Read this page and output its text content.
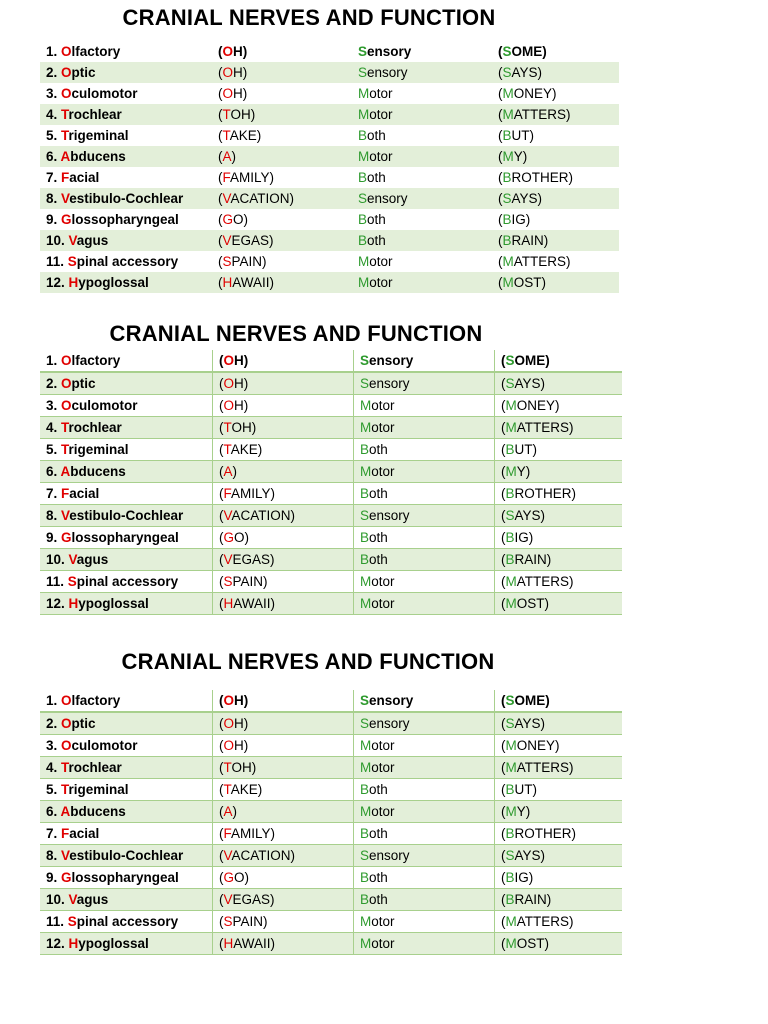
CRANIAL NERVES AND FUNCTION
1. Olfactory	(OH)	Sensory	(SOME)
2. Optic	(OH)	Sensory	(SAYS)
3. Oculomotor	(OH)	Motor	(MONEY)
4. Trochlear	(TOH)	Motor	(MATTERS)
5. Trigeminal	(TAKE)	Both	(BUT)
6. Abducens	(A)	Motor	(MY)
7. Facial	(FAMILY)	Both	(BROTHER)
8. Vestibulo-Cochlear	(VACATION)	Sensory	(SAYS)
9. Glossopharyngeal	(GO)	Both	(BIG)
10. Vagus	(VEGAS)	Both	(BRAIN)
11. Spinal accessory	(SPAIN)	Motor	(MATTERS)
12. Hypoglossal	(HAWAII)	Motor	(MOST)
CRANIAL NERVES AND FUNCTION
1. Olfactory	(OH)	Sensory	(SOME)
2. Optic	(OH)	Sensory	(SAYS)
3. Oculomotor	(OH)	Motor	(MONEY)
4. Trochlear	(TOH)	Motor	(MATTERS)
5. Trigeminal	(TAKE)	Both	(BUT)
6. Abducens	(A)	Motor	(MY)
7. Facial	(FAMILY)	Both	(BROTHER)
8. Vestibulo-Cochlear	(VACATION)	Sensory	(SAYS)
9. Glossopharyngeal	(GO)	Both	(BIG)
10. Vagus	(VEGAS)	Both	(BRAIN)
11. Spinal accessory	(SPAIN)	Motor	(MATTERS)
12. Hypoglossal	(HAWAII)	Motor	(MOST)
CRANIAL NERVES AND FUNCTION
1. Olfactory	(OH)	Sensory	(SOME)
2. Optic	(OH)	Sensory	(SAYS)
3. Oculomotor	(OH)	Motor	(MONEY)
4. Trochlear	(TOH)	Motor	(MATTERS)
5. Trigeminal	(TAKE)	Both	(BUT)
6. Abducens	(A)	Motor	(MY)
7. Facial	(FAMILY)	Both	(BROTHER)
8. Vestibulo-Cochlear	(VACATION)	Sensory	(SAYS)
9. Glossopharyngeal	(GO)	Both	(BIG)
10. Vagus	(VEGAS)	Both	(BRAIN)
11. Spinal accessory	(SPAIN)	Motor	(MATTERS)
12. Hypoglossal	(HAWAII)	Motor	(MOST)
